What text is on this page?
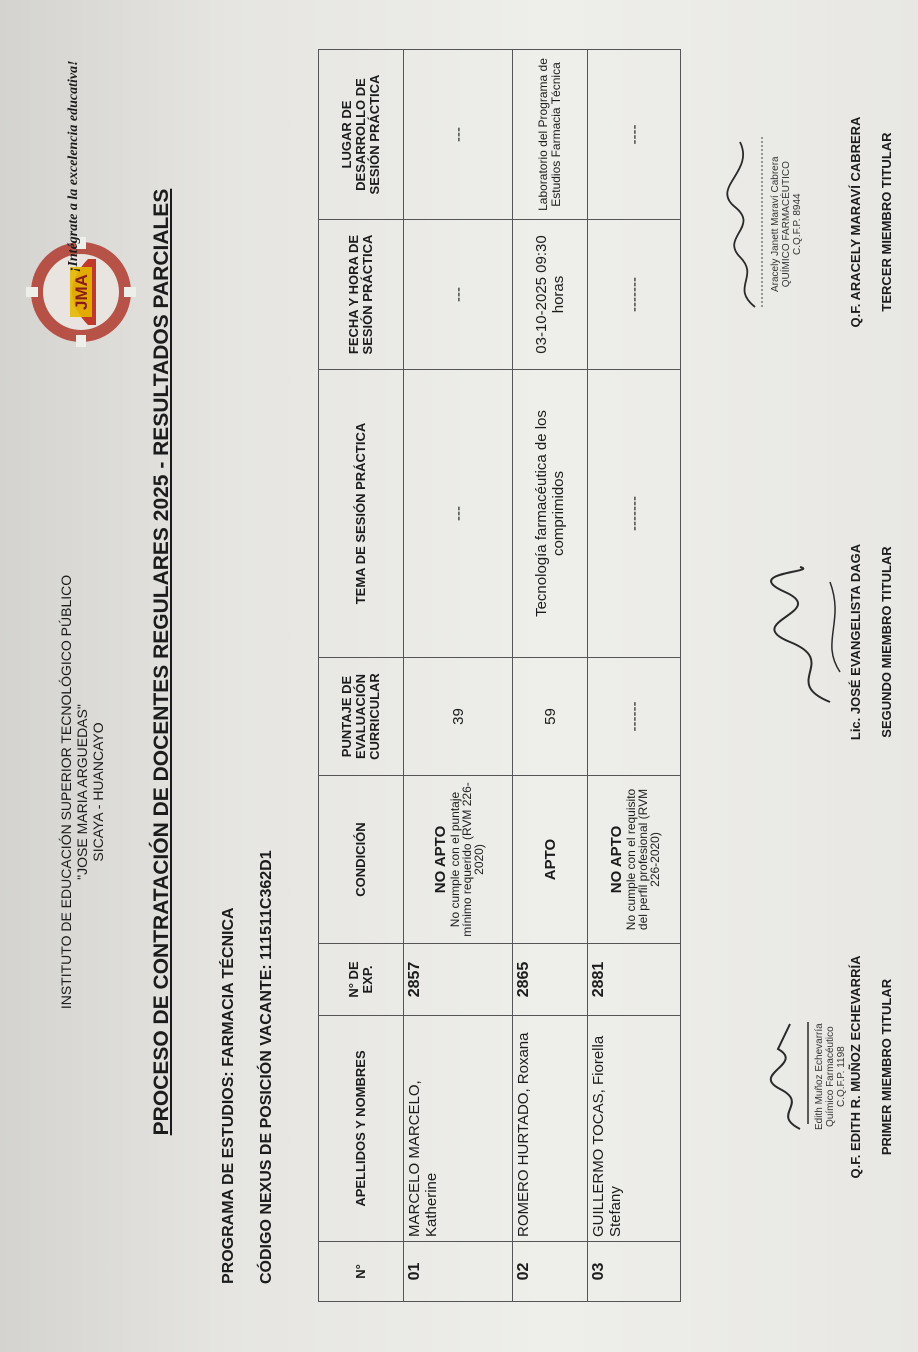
INSTITUTO DE EDUCACIÓN SUPERIOR TECNOLÓGICO PÚBLICO "JOSE MARIA ARGUEDAS" SICAYA - HUANCAYO
JMA
¡Intégrate a la excelencia educativa!
PROCESO DE CONTRATACIÓN DE DOCENTES REGULARES 2025 - RESULTADOS PARCIALES	PROGRAMA DE ESTUDIOS: FARMACIA TÉCNICA CÓDIGO NEXUS DE POSICIÓN VACANTE: 111511C362D1	N°	APELLIDOS Y NOMBRES	N° DE EXP.	CONDICIÓN	PUNTAJE DE EVALUACIÓN CURRICULAR	TEMA DE SESIÓN PRÁCTICA	FECHA Y HORA DE SESIÓN PRÁCTICA	LUGAR DE DESARROLLO DE SESIÓN PRÁCTICA
01	MARCELO MARCELO, Katherine	2857	NO APTO No cumple con el puntaje mínimo requerido (RVM 226-2020)	39	---	---	---
02	ROMERO HURTADO, Roxana	2865	APTO	59	Tecnología farmacéutica de los comprimidos	03-10-2025 09:30 horas	Laboratorio del Programa de Estudios Farmacia Técnica
03	GUILLERMO TOCAS, Fiorella Stefany	2881	NO APTO No cumple con el requisito del perfil profesional (RVM 226-2020)	------	-------	-------	----
Edith Muñoz Echevarría Químico Farmacéutico C.Q.F.P. 1198 Q.F. EDITH R. MUÑOZ ECHEVARRÍA PRIMER MIEMBRO TITULAR
Lic. JOSÉ EVANGELISTA DAGA SEGUNDO MIEMBRO TITULAR
Aracely Janett Maraví Cabrera QUÍMICO FARMACÉUTICO C.Q.F.P. 8944	Q.F. ARACELY MARAVÍ CABRERA TERCER MIEMBRO TITULAR
